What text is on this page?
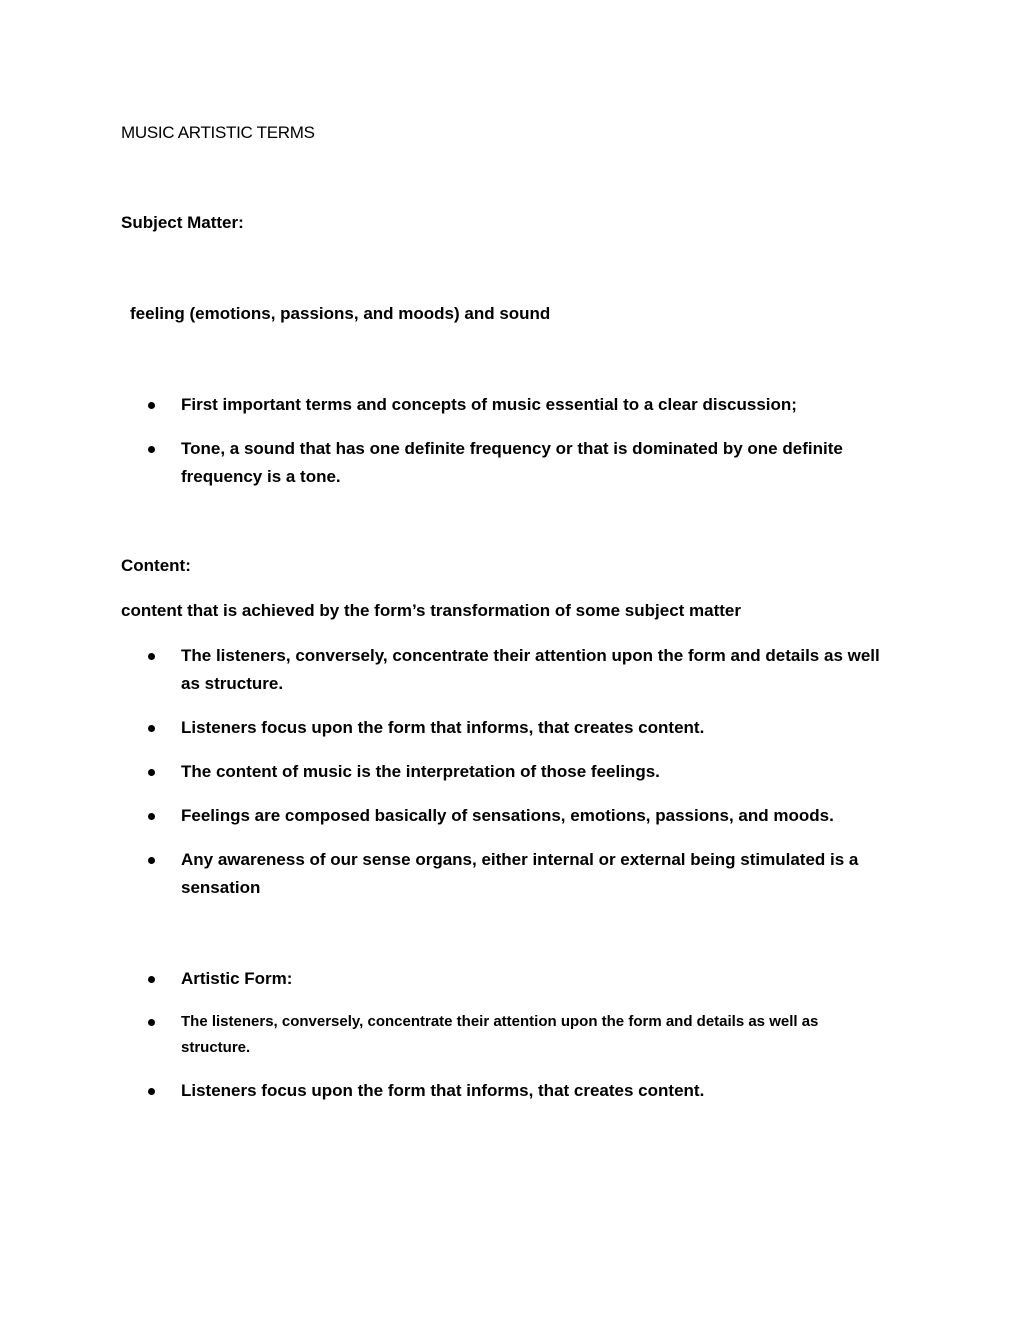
MUSIC ARTISTIC TERMS
Subject Matter:
feeling (emotions, passions, and moods) and sound
First important terms and concepts of music essential to a clear discussion;
Tone, a sound that has one definite frequency or that is dominated by one definite frequency is a tone.
Content:
content that is achieved by the form’s transformation of some subject matter
The listeners, conversely, concentrate their attention upon the form and details as well as structure.
Listeners focus upon the form that informs, that creates content.
The content of music is the interpretation of those feelings.
Feelings are composed basically of sensations, emotions, passions, and moods.
Any awareness of our sense organs, either internal or external being stimulated is a sensation
Artistic Form:
The listeners, conversely, concentrate their attention upon the form and details as well as structure.
Listeners focus upon the form that informs, that creates content.
